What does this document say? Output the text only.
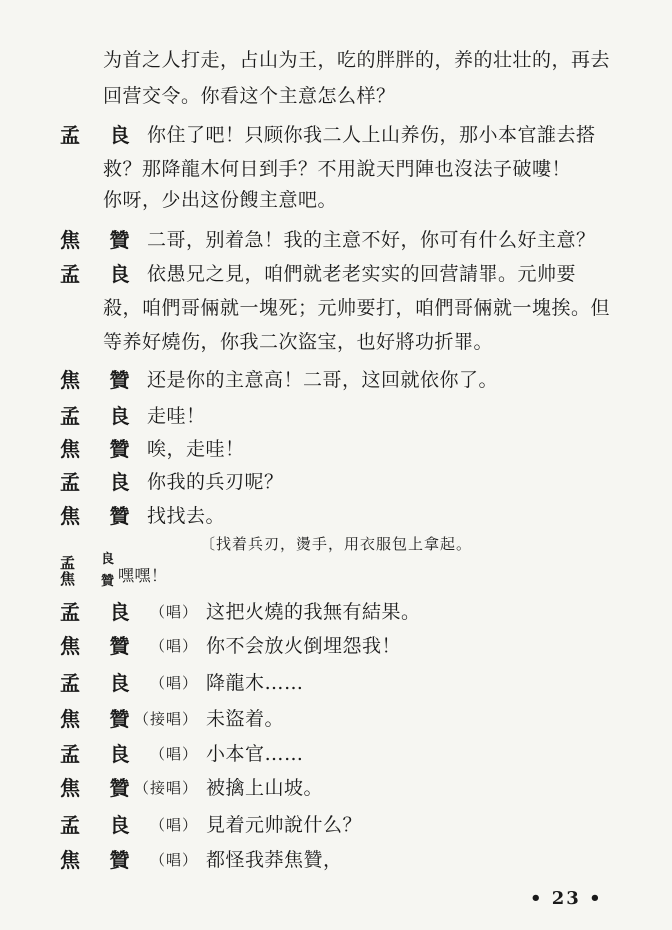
为首之人打走，占山为王，吃的胖胖的，养的壮壮的，再去
回营交令。你看这个主意怎么样？
孟 良 你住了吧！只顾你我二人上山养伤，那小本官誰去搭
救？那降龍木何日到手？不用說天門陣也沒法子破嘍！
你呀，少出这份餿主意吧。
焦 贊 二哥，别着急！我的主意不好，你可有什么好主意？
孟 良 依愚兄之見，咱們就老老实实的回营請罪。元帅要
殺，咱們哥倆就一塊死；元帅要打，咱們哥倆就一塊挨。但
等养好燒伤，你我二次盜宝，也好將功折罪。
焦 贊 还是你的主意高！二哥，这回就依你了。
孟 良 走哇！
焦 贊 唉，走哇！
孟 良 你我的兵刃呢？
焦 贊 找找去。
〔找着兵刃，燙手，用衣服包上拿起。
孟 良
焦 贊 嘿嘿！
孟 良 （唱） 这把火燒的我無有結果。
焦 贊 （唱） 你不会放火倒埋怨我！
孟 良 （唱） 降龍木……
焦 贊 （接唱） 未盜着。
孟 良 （唱） 小本官……
焦 贊 （接唱） 被擒上山坡。
孟 良 （唱） 見着元帅說什么？
焦 贊 （唱） 都怪我莽焦贊，
• 23 •
